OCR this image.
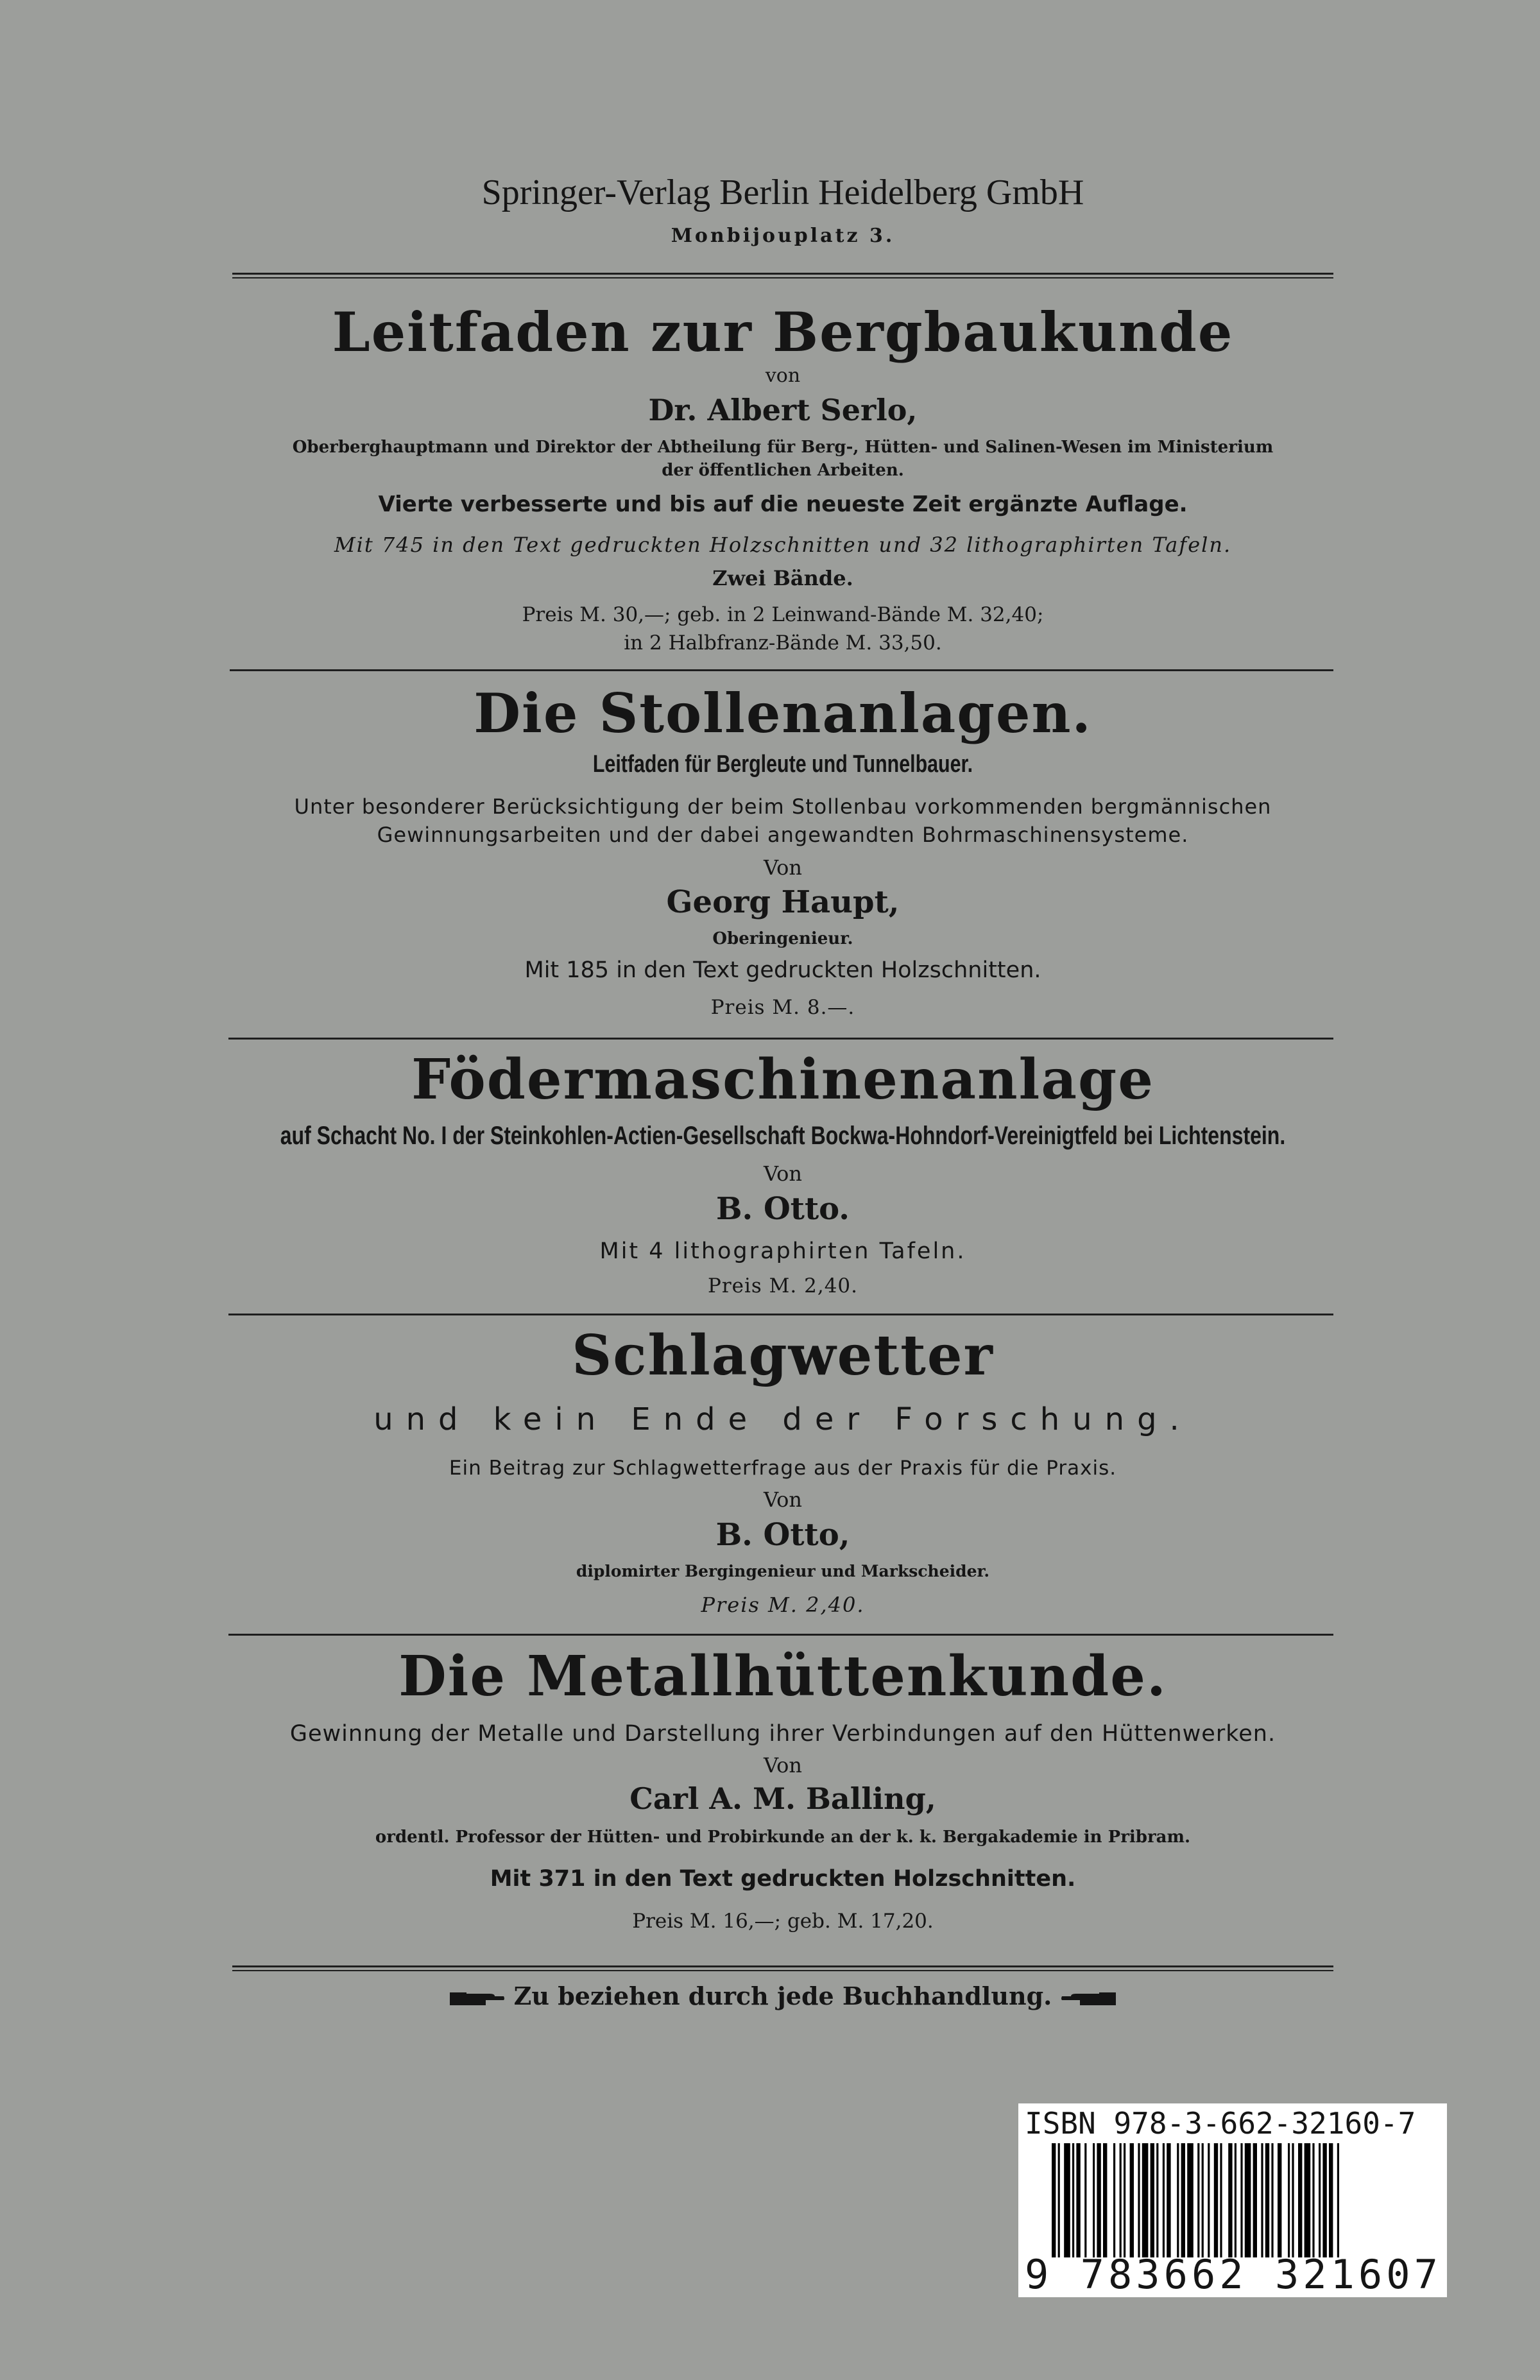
Springer-Verlag Berlin Heidelberg GmbH
Monbijouplatz 3.
Leitfaden zur Bergbaukunde
von
Dr. Albert Serlo,
Oberberghauptmann und Direktor der Abtheilung für Berg-, Hütten- und Salinen-Wesen im Ministerium
der öffentlichen Arbeiten.
Vierte verbesserte und bis auf die neueste Zeit ergänzte Auflage.
Mit 745 in den Text gedruckten Holzschnitten und 32 lithographirten Tafeln.
Zwei Bände.
Preis M. 30,—; geb. in 2 Leinwand-Bände M. 32,40;
in 2 Halbfranz-Bände M. 33,50.
Die Stollenanlagen.
Leitfaden für Bergleute und Tunnelbauer.
Unter besonderer Berücksichtigung der beim Stollenbau vorkommenden bergmännischen
Gewinnungsarbeiten und der dabei angewandten Bohrmaschinensysteme.
Von
Georg Haupt,
Oberingenieur.
Mit 185 in den Text gedruckten Holzschnitten.
Preis M. 8.—.
Födermaschinenanlage
auf Schacht No. I der Steinkohlen-Actien-Gesellschaft Bockwa-Hohndorf-Vereinigtfeld bei Lichtenstein.
Von
B. Otto.
Mit 4 lithographirten Tafeln.
Preis M. 2,40.
Schlagwetter
und kein Ende der Forschung.
Ein Beitrag zur Schlagwetterfrage aus der Praxis für die Praxis.
Von
B. Otto,
diplomirter Bergingenieur und Markscheider.
Preis M. 2,40.
Die Metallhüttenkunde.
Gewinnung der Metalle und Darstellung ihrer Verbindungen auf den Hüttenwerken.
Von
Carl A. M. Balling,
ordentl. Professor der Hütten- und Probirkunde an der k. k. Bergakademie in Pribram.
Mit 371 in den Text gedruckten Holzschnitten.
Preis M. 16,—; geb. M. 17,20.
Zu beziehen durch jede Buchhandlung.
ISBN 978-3-662-32160-7
9 783662 321607
